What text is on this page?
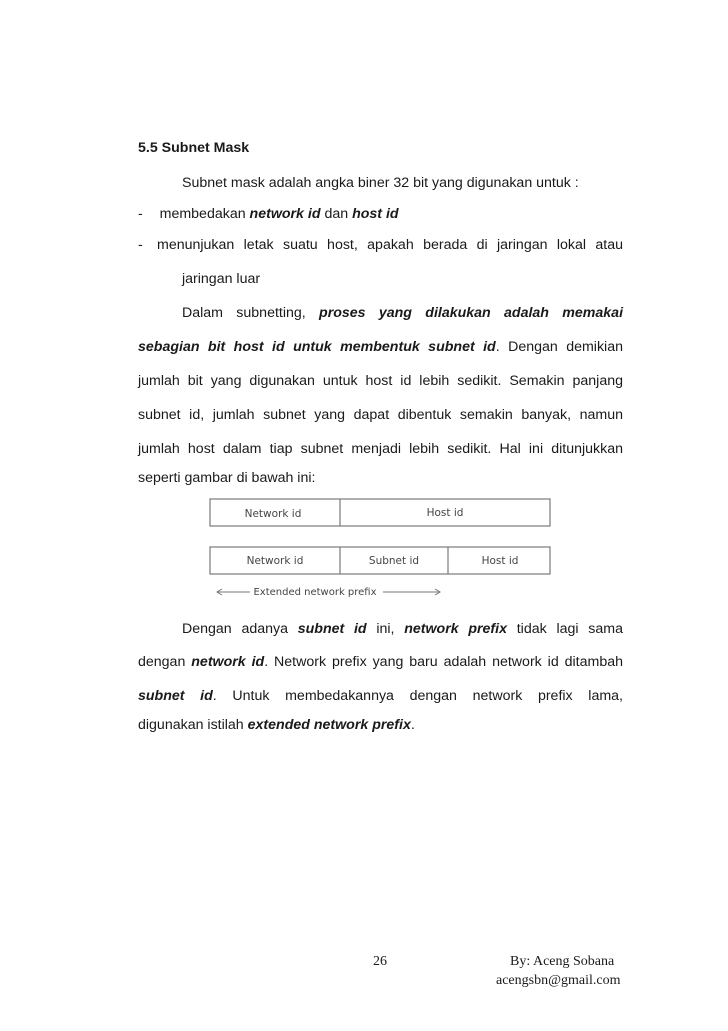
5.5 Subnet Mask
Subnet mask adalah angka biner 32 bit yang digunakan untuk :
- membedakan network id dan host id
- menunjukan letak suatu host, apakah berada di jaringan lokal atau
jaringan luar
Dalam subnetting, proses yang dilakukan adalah memakai
sebagian bit host id untuk membentuk subnet id. Dengan demikian
jumlah bit yang digunakan untuk host id lebih sedikit. Semakin panjang
subnet id, jumlah subnet yang dapat dibentuk semakin banyak, namun
jumlah host dalam tiap subnet menjadi lebih sedikit. Hal ini ditunjukkan
seperti gambar di bawah ini:
Network id	Host id
Network id	Subnet id	Host id
Extended network prefix
Dengan adanya subnet id ini, network prefix tidak lagi sama
dengan network id. Network prefix yang baru adalah network id ditambah
subnet id. Untuk membedakannya dengan network prefix lama,
digunakan istilah extended network prefix.
26	By: Aceng Sobana
acengsbn@gmail.com
